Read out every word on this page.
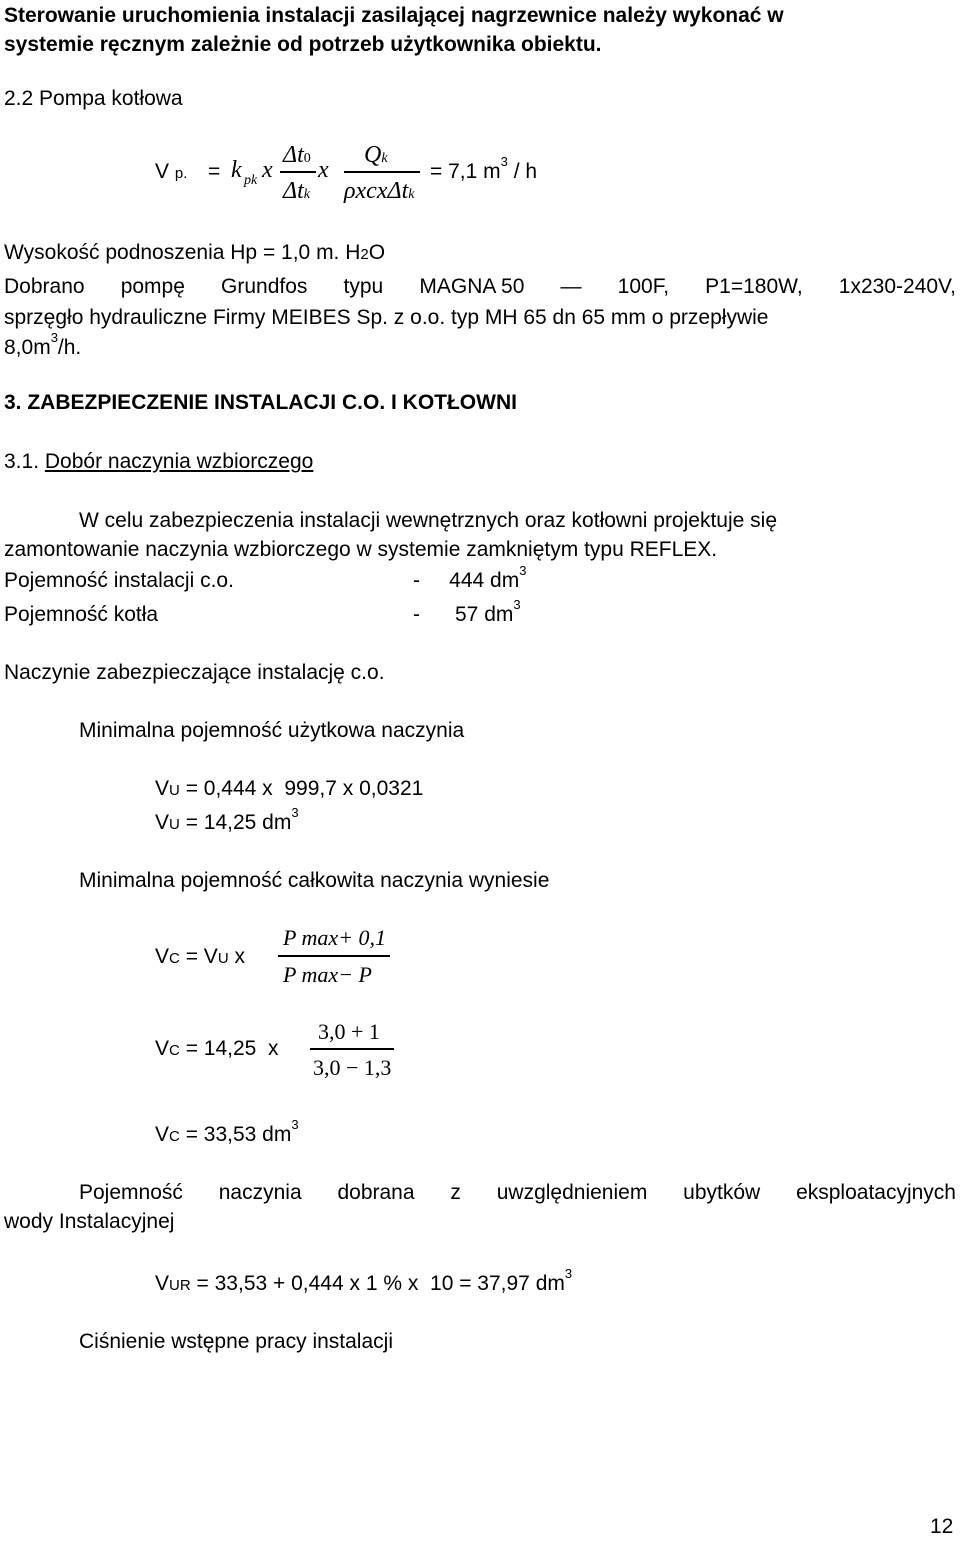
Sterowanie uruchomienia instalacji zasilającej nagrzewnice należy wykonać w
systemie ręcznym zależnie od potrzeb użytkownika obiektu.
2.2 Pompa kotłowa
V p. = k pk x
Δt0
Δtk
x
Qk
ρxcxΔtk
= 7,1 $m^3$ / h
Wysokość podnoszenia Hp = 1,0 m. H2O
Dobrano pompę Grundfos typu MAGNA 50 — 100F, P1=180W, 1x230-240V,
sprzęgło hydrauliczne Firmy MEIBES Sp. z o.o. typ MH 65 dn 65 mm o przepływie
$8,0m^3/h$.
3. ZABEZPIECZENIE INSTALACJI C.O. I KOTŁOWNI
3.1. Dobór naczynia wzbiorczego
W celu zabezpieczenia instalacji wewnętrznych oraz kotłowni projektuje się
zamontowanie naczynia wzbiorczego w systemie zamkniętym typu REFLEX.
Pojemność instalacji c.o.	-     444 $dm^3$
Pojemność kotła	-      57 $dm^3$
Naczynie zabezpieczające instalację c.o.
Minimalna pojemność użytkowa naczynia
VU = 0,444 x  999,7 x 0,0321
VU = 14,25 $dm^3$
Minimalna pojemność całkowita naczynia wyniesie
VC = VU x
P max+ 0,1
P max− P
VC = 14,25  x
3,0 + 1
3,0 − 1,3
VC = 33,53 $dm^3$
Pojemność naczynia dobrana z uwzględnieniem ubytków eksploatacyjnych
wody Instalacyjnej
VUR = 33,53 + 0,444 x 1 % x  10 = 37,97 $dm^3$
Ciśnienie wstępne pracy instalacji
12
